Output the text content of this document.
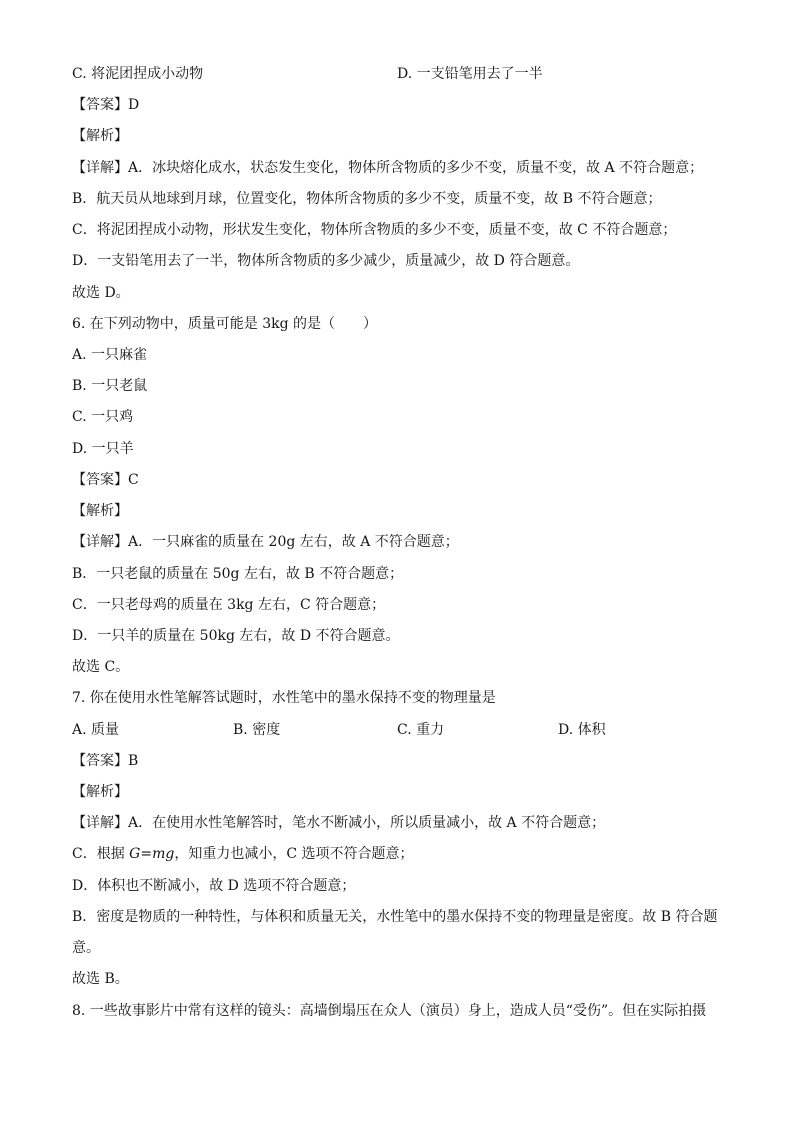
C. 将泥团捏成小动物	D. 一支铅笔用去了一半
【答案】D
【解析】
【详解】A．冰块熔化成水，状态发生变化，物体所含物质的多少不变，质量不变，故 A 不符合题意；
B．航天员从地球到月球，位置变化，物体所含物质的多少不变，质量不变，故 B 不符合题意；
C．将泥团捏成小动物，形状发生变化，物体所含物质的多少不变，质量不变，故 C 不符合题意；
D．一支铅笔用去了一半，物体所含物质的多少减少，质量减少，故 D 符合题意。
故选 D。
6. 在下列动物中，质量可能是 3kg 的是（　　）
A. 一只麻雀
B. 一只老鼠
C. 一只鸡
D. 一只羊
【答案】C
【解析】
【详解】A．一只麻雀的质量在 20g 左右，故 A 不符合题意；
B．一只老鼠的质量在 50g 左右，故 B 不符合题意；
C．一只老母鸡的质量在 3kg 左右，C 符合题意；
D．一只羊的质量在 50kg 左右，故 D 不符合题意。
故选 C。
7. 你在使用水性笔解答试题时，水性笔中的墨水保持不变的物理量是
A. 质量	B. 密度	C. 重力	D. 体积
【答案】B
【解析】
【详解】A．在使用水性笔解答时，笔水不断减小，所以质量减小，故 A 不符合题意；
C．根据 G=mg，知重力也减小，C 选项不符合题意；
D．体积也不断减小，故 D 选项不符合题意；
B．密度是物质的一种特性，与体积和质量无关，水性笔中的墨水保持不变的物理量是密度。故 B 符合题
意。
故选 B。
8. 一些故事影片中常有这样的镜头：高墙倒塌压在众人（演员）身上，造成人员“受伤”。但在实际拍摄
